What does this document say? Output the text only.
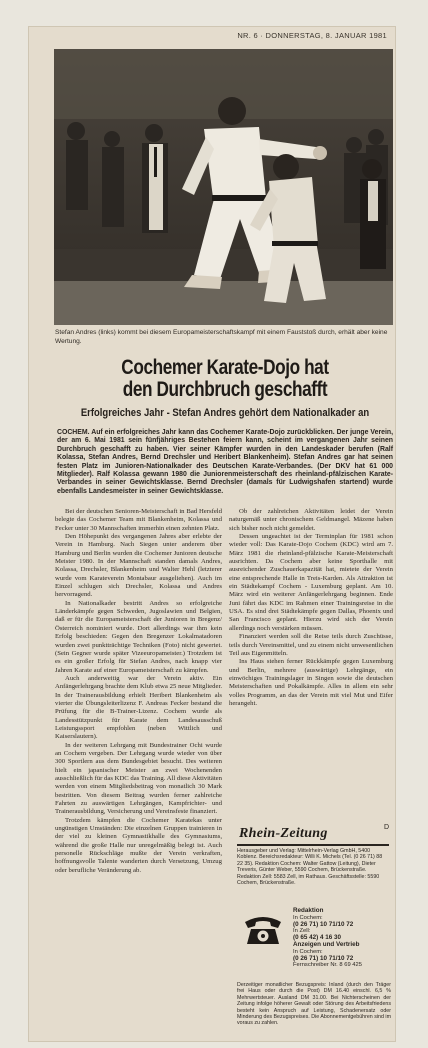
NR. 6 · DONNERSTAG, 8. JANUAR 1981
Stefan Andres (links) kommt bei diesem Europameisterschaftskampf mit einem Fauststoß durch, erhält aber keine Wertung.
Cochemer Karate-Dojo hat
den Durchbruch geschafft
Erfolgreiches Jahr - Stefan Andres gehört dem Nationalkader an
COCHEM. Auf ein erfolgreiches Jahr kann das Cochemer Karate-Dojo zurückblicken. Der junge Verein, der am 6. Mai 1981 sein fünfjähriges Bestehen feiern kann, scheint im vergangenen Jahr seinen Durchbruch geschafft zu haben. Vier seiner Kämpfer wurden in den Landeskader berufen (Ralf Kolassa, Stefan Andres, Bernd Drechsler und Heribert Blankenheim). Stefan Andres gar hat seinen festen Platz im Junioren-Nationalkader des Deutschen Karate-Verbandes. (Der DKV hat 61 000 Mitglieder). Ralf Kolassa gewann 1980 die Juniorenmeisterschaft des rheinland-pfälzischen Karate-Verbandes in seiner Gewichtsklasse. Bernd Drechsler (damals für Ludwigshafen startend) wurde ebenfalls Landesmeister in seiner Gewichtsklasse.

Bei der deutschen Senioren-Meisterschaft in Bad Hersfeld belegte das Cochemer Team mit Blankenheim, Kolassa und Fecker unter 30 Mannschaften immerhin einen zehnten Platz.

Den Höhepunkt des vergangenen Jahres aber erlebte der Verein in Hamburg. Nach Siegen unter anderem über Hamburg und Berlin wurden die Cochemer Junioren deutsche Meister 1980. In der Mannschaft standen damals Andres, Kolassa, Drechsler, Blankenheim und Walter Hehl (letzterer wurde vom Karateverein Montabaur ausgeliehen). Auch im Einzel schlugen sich Drechsler, Kolassa und Andres hervorragend.

In Nationalkader bestritt Andres so erfolgreiche Länderkämpfe gegen Schweden, Jugoslawien und Belgien, daß er für die Europameisterschaft der Junioren in Bregenz/Österreich nominiert wurde. Dort allerdings war ihm kein Erfolg beschieden: Gegen den Bregenzer Lokalmatadoren wurden zwei punktträchtige Techniken (Foto) nicht gewertet. (Sein Gegner wurde später Vizeeuropameister.) Trotzdem ist es ein großer Erfolg für Stefan Andres, nach knapp vier Jahren Karate auf einer Europameisterschaft zu kämpfen.

Auch anderweitig war der Verein aktiv. Ein Anfängerlehrgang brachte dem Klub etwa 25 neue Mitglieder. In der Trainerausbildung erhielt Heribert Blankenheim als vierter die Übungsleiterlizenz F. Andreas Fecker bestand die Prüfung für die B-Trainer-Lizenz. Cochem wurde als Landesstützpunkt für Karate dem Landesausschuß Leistungssport empfohlen (neben Wittlich und Kaiserslautern).

In der weiteren Lehrgang mit Bundestrainer Ochi wurde an Cochem vergeben. Der Lehrgang wurde wieder von über 300 Sportlern aus dem Bundesgebiet besucht. Des weiteren hielt ein japanischer Meister an zwei Wochenenden ausschließlich für das KDC das Training. All diese Aktivitäten werden von einem Mitgliedsbeitrag von monatlich 30 Mark bestritten. Von diesem Beitrag wurden ferner zahlreiche Fahrten zu auswärtigen Lehrgängen, Kampfrichter- und Trainerausbildung, Versicherung und Vereinsfeste finanziert.

Trotzdem kämpfen die Cochemer Karatekas unter ungünstigen Umständen: Die einzelnen Gruppen trainieren in der viel zu kleinen Gymnastikhalle des Gymnasiums, während die große Halle nur unregelmäßig belegt ist. Auch personelle Rückschläge mußte der Verein verkraften, hoffnungsvolle Talente wanderten durch Versetzung, Umzug oder berufliche Veränderung ab.

Ob der zahlreichen Aktivitäten leidet der Verein naturgemäß unter chronischem Geldmangel. Mäzene haben sich bisher noch nicht gemeldet.

Dessen ungeachtet ist der Terminplan für 1981 schon wieder voll: Das Karate-Dojo Cochem (KDC) wird am 7. März 1981 die rheinland-pfälzische Karate-Meisterschaft ausrichten. Da Cochem aber keine Sporthalle mit ausreichender Zuschauerkapazität hat, mietete der Verein eine entsprechende Halle in Treis-Karden. Als Attraktion ist ein Städtekampf Cochem - Luxemburg geplant. Am 10. März wird ein weiterer Anfängerlehrgang beginnen. Ende Juni fährt das KDC im Rahmen einer Trainingsreise in die USA. Es sind drei Städtekämpfe gegen Dallas, Phoenix und San Francisco geplant. Hierzu wird sich der Verein allerdings noch verstärken müssen.

Finanziert werden soll die Reise teils durch Zuschüsse, teils durch Vereinsmittel, und zu einem nicht unwesentlichen Teil aus Eigenmitteln.

Ins Haus stehen ferner Rückkämpfe gegen Luxemburg und Berlin, mehrere (auswärtige) Lehrgänge, ein einwöchiges Trainingslager in Singen sowie die deutschen Meisterschaften und Pokalkämpfe. Alles in allem ein sehr volles Programm, an das der Verein mit viel Mut und Eifer herangeht.

Rhein-Zeitung	D
Herausgeber und Verlag: Mittelrhein-Verlag GmbH, 5400 Koblenz. Bereichsredakteur: Willi K. Michels (Tel. (0 26 71) 88 22 35). Redaktion Cochem: Walter Gattow (Leitung), Dieter Treveris, Günter Weber, 5590 Cochem, Brückenstraße. Redaktion Zell: 5583 Zell, im Rathaus. Geschäftsstelle: 5590 Cochem, Brückenstraße.
Redaktion
In Cochem:
(0 26 71) 10 71/10 72
In Zell:
(0 65 42) 4 16 30
Anzeigen und Vertrieb
In Cochem:
(0 26 71) 10 71/10 72
Fernschreiber Nr. 8 69 425
Derzeitiger monatlicher Bezugspreis: Inland (durch den Träger frei Haus oder durch die Post) DM 16.40 einschl. 6,5 % Mehrwertsteuer. Ausland DM 31.00. Bei Nichterscheinen der Zeitung infolge höherer Gewalt oder Störung des Arbeitsfriedens besteht kein Anspruch auf Leistung, Schadenersatz oder Minderung des Bezugspreises. Die Abonnementgebühren sind im voraus zu zahlen.
